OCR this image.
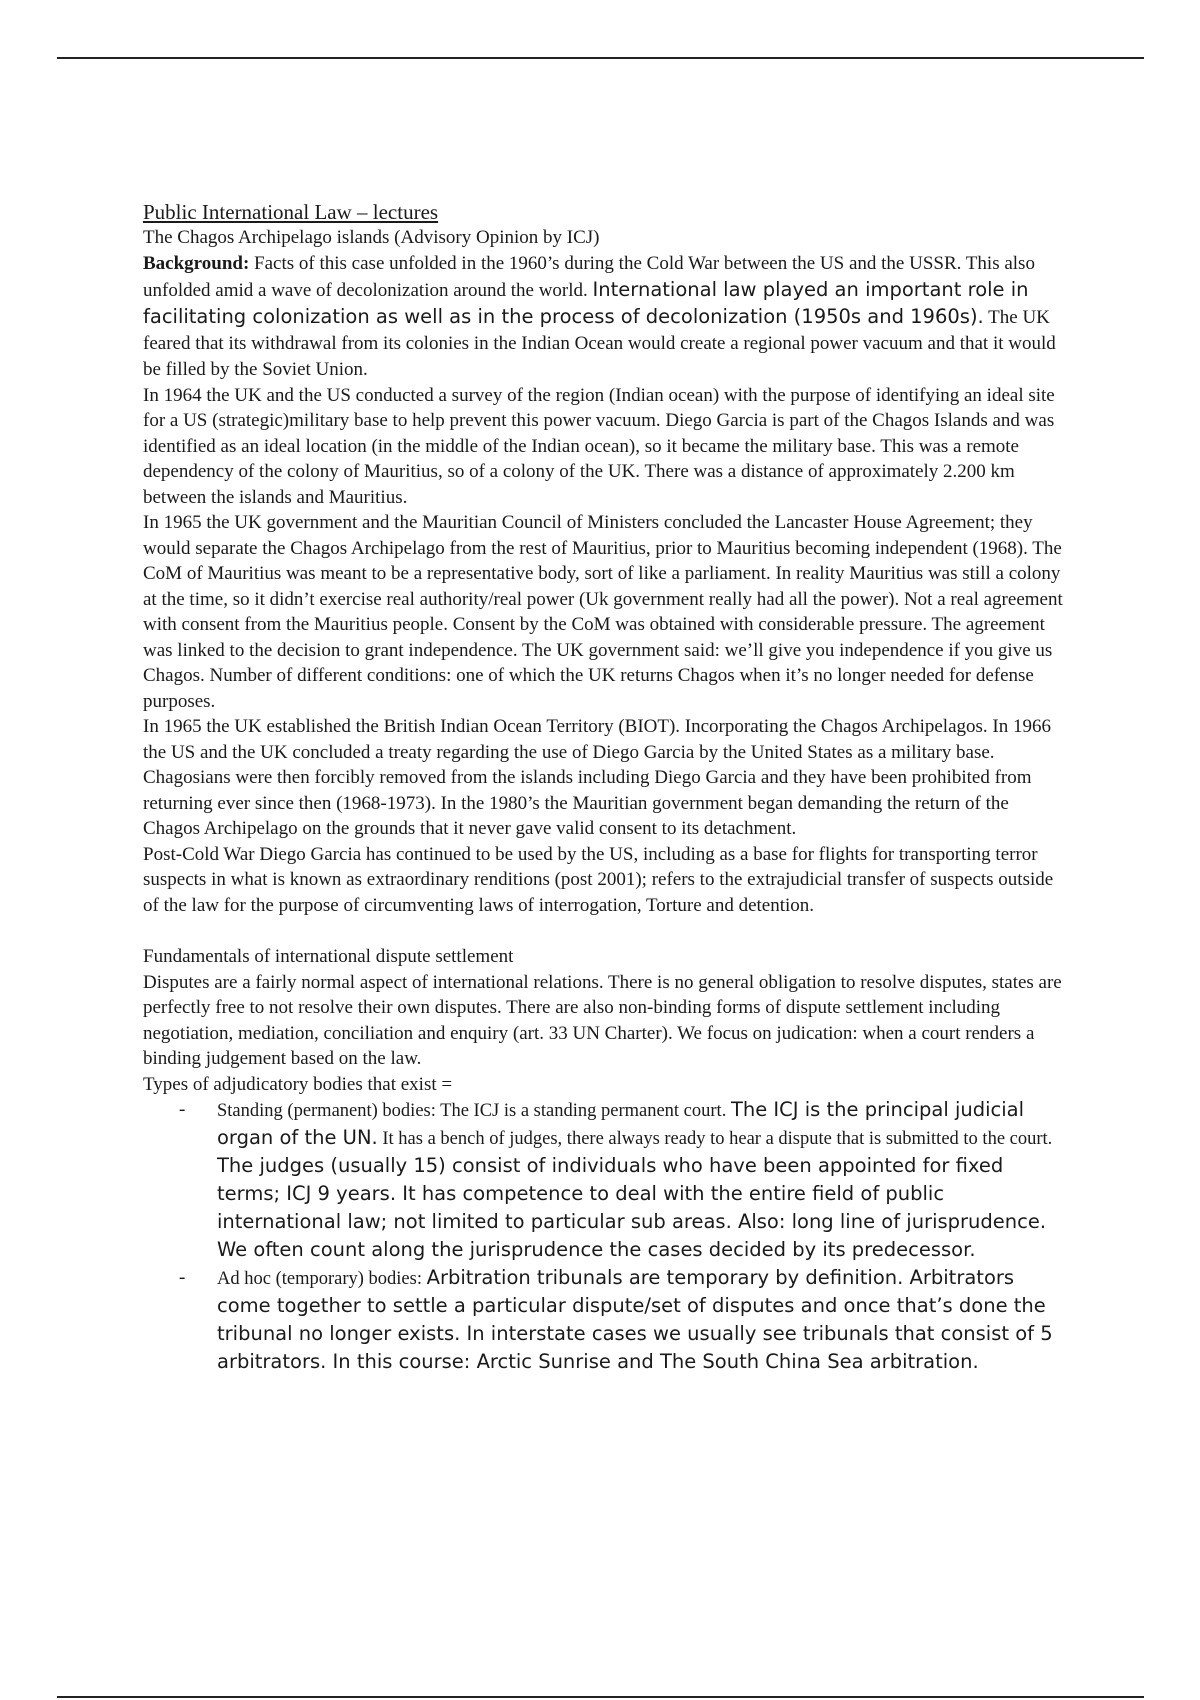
Public International Law – lectures

The Chagos Archipelago islands (Advisory Opinion by ICJ)

Background: Facts of this case unfolded in the 1960’s during the Cold War between the US and the USSR. This also unfolded amid a wave of decolonization around the world. International law played an important role in facilitating colonization as well as in the process of decolonization (1950s and 1960s). The UK feared that its withdrawal from its colonies in the Indian Ocean would create a regional power vacuum and that it would be filled by the Soviet Union.

In 1964 the UK and the US conducted a survey of the region (Indian ocean) with the purpose of identifying an ideal site for a US (strategic)military base to help prevent this power vacuum. Diego Garcia is part of the Chagos Islands and was identified as an ideal location (in the middle of the Indian ocean), so it became the military base. This was a remote dependency of the colony of Mauritius, so of a colony of the UK. There was a distance of approximately 2.200 km between the islands and Mauritius.

In 1965 the UK government and the Mauritian Council of Ministers concluded the Lancaster House Agreement; they would separate the Chagos Archipelago from the rest of Mauritius, prior to Mauritius becoming independent (1968). The CoM of Mauritius was meant to be a representative body, sort of like a parliament. In reality Mauritius was still a colony at the time, so it didn’t exercise real authority/real power (Uk government really had all the power). Not a real agreement with consent from the Mauritius people. Consent by the CoM was obtained with considerable pressure. The agreement was linked to the decision to grant independence. The UK government said: we’ll give you independence if you give us Chagos. Number of different conditions: one of which the UK returns Chagos when it’s no longer needed for defense purposes.

In 1965 the UK established the British Indian Ocean Territory (BIOT). Incorporating the Chagos Archipelagos. In 1966 the US and the UK concluded a treaty regarding the use of Diego Garcia by the United States as a military base. Chagosians were then forcibly removed from the islands including Diego Garcia and they have been prohibited from returning ever since then (1968-1973). In the 1980’s the Mauritian government began demanding the return of the Chagos Archipelago on the grounds that it never gave valid consent to its detachment.

Post-Cold War Diego Garcia has continued to be used by the US, including as a base for flights for transporting terror suspects in what is known as extraordinary renditions (post 2001); refers to the extrajudicial transfer of suspects outside of the law for the purpose of circumventing laws of interrogation, Torture and detention.

Fundamentals of international dispute settlement

Disputes are a fairly normal aspect of international relations. There is no general obligation to resolve disputes, states are perfectly free to not resolve their own disputes. There are also non-binding forms of dispute settlement including negotiation, mediation, conciliation and enquiry (art. 33 UN Charter). We focus on judication: when a court renders a binding judgement based on the law.

Types of adjudicatory bodies that exist =

- Standing (permanent) bodies: The ICJ is a standing permanent court. The ICJ is the principal judicial organ of the UN. It has a bench of judges, there always ready to hear a dispute that is submitted to the court. The judges (usually 15) consist of individuals who have been appointed for fixed terms; ICJ 9 years. It has competence to deal with the entire field of public international law; not limited to particular sub areas. Also: long line of jurisprudence. We often count along the jurisprudence the cases decided by its predecessor.
- Ad hoc (temporary) bodies: Arbitration tribunals are temporary by definition. Arbitrators come together to settle a particular dispute/set of disputes and once that’s done the tribunal no longer exists. In interstate cases we usually see tribunals that consist of 5 arbitrators. In this course: Arctic Sunrise and The South China Sea arbitration.
